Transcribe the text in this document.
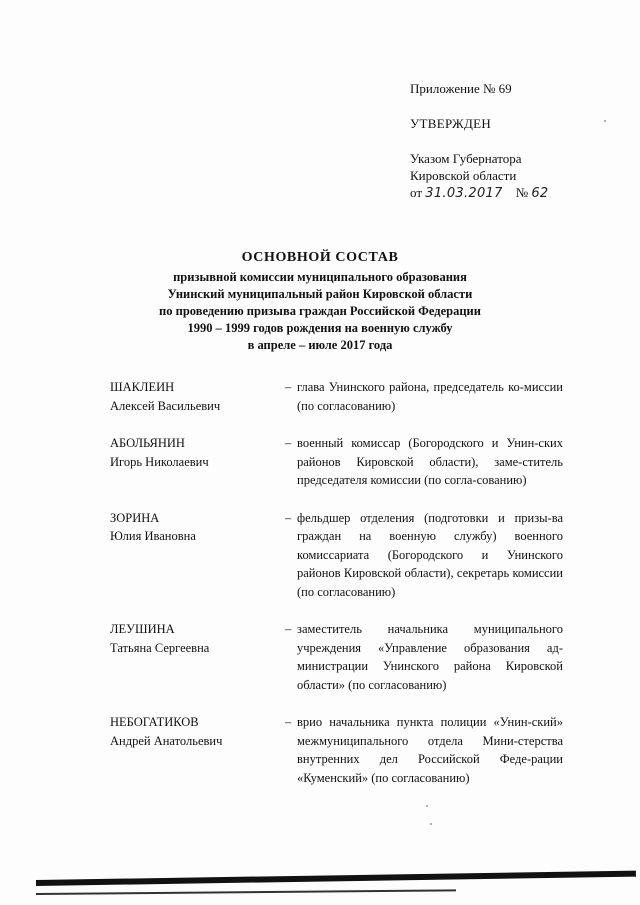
Приложение № 69

УТВЕРЖДЕН

Указом Губернатора
Кировской области
от 31.03.2017 № 62

ОСНОВНОЙ СОСТАВ
призывной комиссии муниципального образования
Унинский муниципальный район Кировской области
по проведению призыва граждан Российской Федерации
1990 – 1999 годов рождения на военную службу
в апреле – июле 2017 года
ШАКЛЕИН
Алексей Васильевич
– глава Унинского района, председатель ко-миссии (по согласованию)
АБОЛЬЯНИН
Игорь Николаевич
– военный комиссар (Богородского и Унин-ских районов Кировской области), заме-ститель председателя комиссии (по согла-сованию)
ЗОРИНА
Юлия Ивановна
– фельдшер отделения (подготовки и призы-ва граждан на военную службу) военного комиссариата (Богородского и Унинского районов Кировской области), секретарь комиссии (по согласованию)
ЛЕУШИНА
Татьяна Сергеевна
– заместитель начальника муниципального учреждения «Управление образования ад-министрации Унинского района Кировской области» (по согласованию)
НЕБОГАТИКОВ
Андрей Анатольевич
– врио начальника пункта полиции «Унин-ский» межмуниципального отдела Мини-стерства внутренних дел Российской Феде-рации «Куменский» (по согласованию)
